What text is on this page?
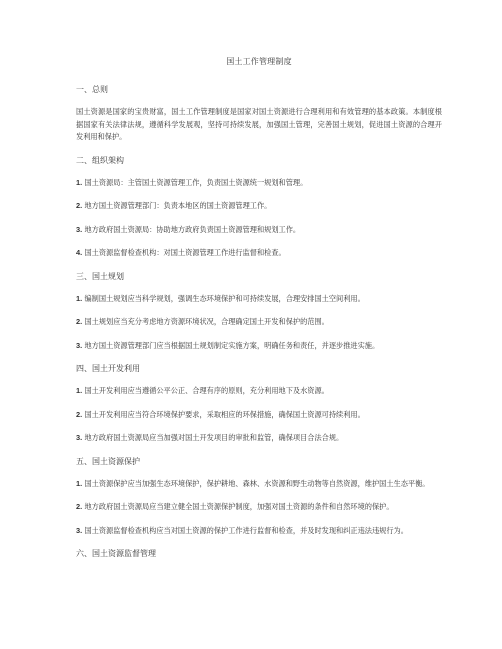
国土工作管理制度
一、总则
国土资源是国家的宝贵财富，国土工作管理制度是国家对国土资源进行合理利用和有效管理的基本政策。本制度根据国家有关法律法规，遵循科学发展观，坚持可持续发展，加强国土管理，完善国土规划，促进国土资源的合理开发利用和保护。
二、组织架构
1. 国土资源局：主管国土资源管理工作，负责国土资源统一规划和管理。
2. 地方国土资源管理部门：负责本地区的国土资源管理工作。
3. 地方政府国土资源局：协助地方政府负责国土资源管理和规划工作。
4. 国土资源监督检查机构：对国土资源管理工作进行监督和检查。
三、国土规划
1. 编制国土规划应当科学规划，强调生态环境保护和可持续发展，合理安排国土空间利用。
2. 国土规划应当充分考虑地方资源环境状况，合理确定国土开发和保护的范围。
3. 地方国土资源管理部门应当根据国土规划制定实施方案，明确任务和责任，并逐步推进实施。
四、国土开发利用
1. 国土开发利用应当遵循公平公正、合理有序的原则，充分利用地下及水资源。
2. 国土开发利用应当符合环境保护要求，采取相应的环保措施，确保国土资源可持续利用。
3. 地方政府国土资源局应当加强对国土开发项目的审批和监管，确保项目合法合规。
五、国土资源保护
1. 国土资源保护应当加强生态环境保护，保护耕地、森林、水资源和野生动物等自然资源，维护国土生态平衡。
2. 地方政府国土资源局应当建立健全国土资源保护制度，加强对国土资源的条件和自然环境的保护。
3. 国土资源监督检查机构应当对国土资源的保护工作进行监督和检查，并及时发现和纠正违法违规行为。
六、国土资源监督管理
